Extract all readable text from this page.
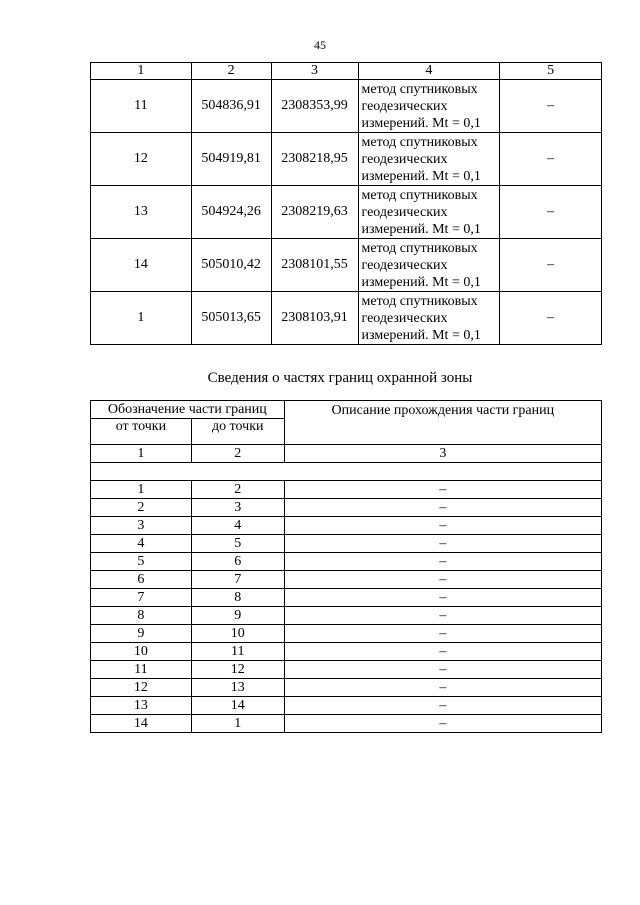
45
1	2	3	4	5
11	504836,91	2308353,99	метод спутниковых
геодезических
измерений. Mt = 0,1	–
12	504919,81	2308218,95	метод спутниковых
геодезических
измерений. Mt = 0,1	–
13	504924,26	2308219,63	метод спутниковых
геодезических
измерений. Mt = 0,1	–
14	505010,42	2308101,55	метод спутниковых
геодезических
измерений. Mt = 0,1	–
1	505013,65	2308103,91	метод спутниковых
геодезических
измерений. Mt = 0,1	–
Сведения о частях границ охранной зоны
Обозначение части границ		Описание прохождения части границ
от точки	до точки	
1	2	3

1	2	–
2	3	–
3	4	–
4	5	–
5	6	–
6	7	–
7	8	–
8	9	–
9	10	–
10	11	–
11	12	–
12	13	–
13	14	–
14	1	–
